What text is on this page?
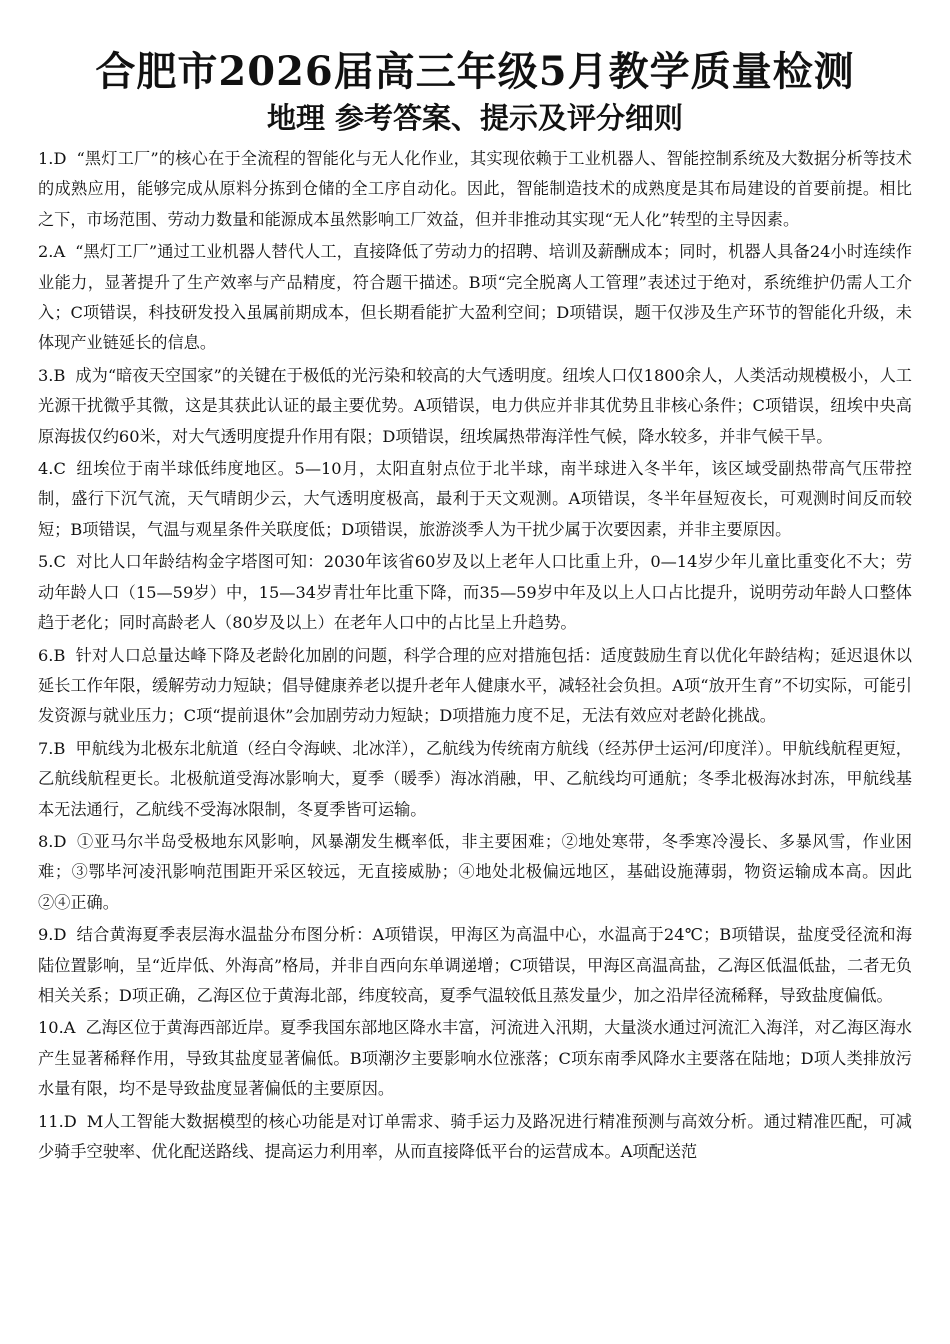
合肥市2026届高三年级5月教学质量检测
地理 参考答案、提示及评分细则

1.D “黑灯工厂”的核心在于全流程的智能化与无人化作业，其实现依赖于工业机器人、智能控制系统及大数据分析等技术的成熟应用，能够完成从原料分拣到仓储的全工序自动化。因此，智能制造技术的成熟度是其布局建设的首要前提。相比之下，市场范围、劳动力数量和能源成本虽然影响工厂效益，但并非推动其实现“无人化”转型的主导因素。

2.A “黑灯工厂”通过工业机器人替代人工，直接降低了劳动力的招聘、培训及薪酬成本；同时，机器人具备24小时连续作业能力，显著提升了生产效率与产品精度，符合题干描述。B项“完全脱离人工管理”表述过于绝对，系统维护仍需人工介入；C项错误，科技研发投入虽属前期成本，但长期看能扩大盈利空间；D项错误，题干仅涉及生产环节的智能化升级，未体现产业链延长的信息。

3.B 成为“暗夜天空国家”的关键在于极低的光污染和较高的大气透明度。纽埃人口仅1800余人，人类活动规模极小，人工光源干扰微乎其微，这是其获此认证的最主要优势。A项错误，电力供应并非其优势且非核心条件；C项错误，纽埃中央高原海拔仅约60米，对大气透明度提升作用有限；D项错误，纽埃属热带海洋性气候，降水较多，并非气候干旱。

4.C 纽埃位于南半球低纬度地区。5—10月，太阳直射点位于北半球，南半球进入冬半年，该区域受副热带高气压带控制，盛行下沉气流，天气晴朗少云，大气透明度极高，最利于天文观测。A项错误，冬半年昼短夜长，可观测时间反而较短；B项错误，气温与观星条件关联度低；D项错误，旅游淡季人为干扰少属于次要因素，并非主要原因。

5.C 对比人口年龄结构金字塔图可知：2030年该省60岁及以上老年人口比重上升，0—14岁少年儿童比重变化不大；劳动年龄人口（15—59岁）中，15—34岁青壮年比重下降，而35—59岁中年及以上人口占比提升，说明劳动年龄人口整体趋于老化；同时高龄老人（80岁及以上）在老年人口中的占比呈上升趋势。

6.B 针对人口总量达峰下降及老龄化加剧的问题，科学合理的应对措施包括：适度鼓励生育以优化年龄结构；延迟退休以延长工作年限，缓解劳动力短缺；倡导健康养老以提升老年人健康水平，减轻社会负担。A项“放开生育”不切实际，可能引发资源与就业压力；C项“提前退休”会加剧劳动力短缺；D项措施力度不足，无法有效应对老龄化挑战。

7.B 甲航线为北极东北航道（经白令海峡、北冰洋），乙航线为传统南方航线（经苏伊士运河/印度洋）。甲航线航程更短，乙航线航程更长。北极航道受海冰影响大，夏季（暖季）海冰消融，甲、乙航线均可通航；冬季北极海冰封冻，甲航线基本无法通行，乙航线不受海冰限制，冬夏季皆可运输。

8.D ①亚马尔半岛受极地东风影响，风暴潮发生概率低，非主要困难；②地处寒带，冬季寒冷漫长、多暴风雪，作业困难；③鄂毕河凌汛影响范围距开采区较远，无直接威胁；④地处北极偏远地区，基础设施薄弱，物资运输成本高。因此②④正确。

9.D 结合黄海夏季表层海水温盐分布图分析：A项错误，甲海区为高温中心，水温高于24℃；B项错误，盐度受径流和海陆位置影响，呈“近岸低、外海高”格局，并非自西向东单调递增；C项错误，甲海区高温高盐，乙海区低温低盐，二者无负相关关系；D项正确，乙海区位于黄海北部，纬度较高，夏季气温较低且蒸发量少，加之沿岸径流稀释，导致盐度偏低。

10.A 乙海区位于黄海西部近岸。夏季我国东部地区降水丰富，河流进入汛期，大量淡水通过河流汇入海洋，对乙海区海水产生显著稀释作用，导致其盐度显著偏低。B项潮汐主要影响水位涨落；C项东南季风降水主要落在陆地；D项人类排放污水量有限，均不是导致盐度显著偏低的主要原因。

11.D M人工智能大数据模型的核心功能是对订单需求、骑手运力及路况进行精准预测与高效分析。通过精准匹配，可减少骑手空驶率、优化配送路线、提高运力利用率，从而直接降低平台的运营成本。A项配送范
